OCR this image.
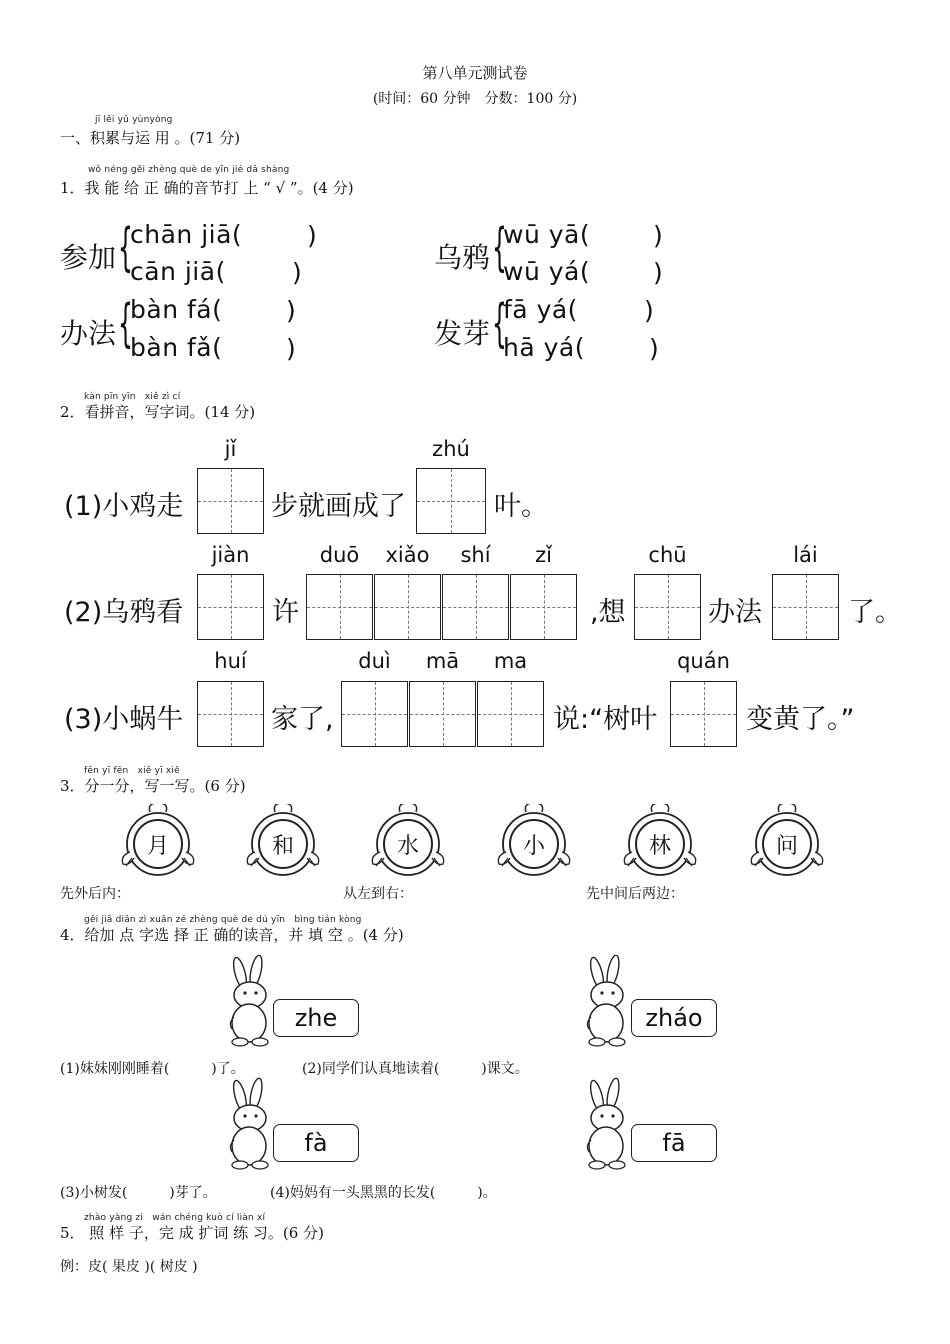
第八单元测试卷
(时间：60 分钟　分数：100 分)
jī lěi yǔ yùnyòng
一、积累与运 用 。(71 分)
wǒ néng gěi zhèng què de yīn jié dǎ shàng
1．我 能 给 正 确的音节打 上 “ √ ”。(4 分)
参加 {
chān jiā(	)
cān jiā(	)	乌鸦 {
wū yā(	)
wū yá(	)
办法 {
bàn fá(	)
bàn fǎ(	)	发芽 {
fā yá(	)
hā yá(	)
kàn pīn yīn　xiě zì cí
2．看拼音，写字词。(14 分)
jǐ	zhú
(1)小鸡走	步就画成了	叶。
jiàn	duō	xiǎo	shí	zǐ	chū	lái
(2)乌鸦看	许	,想	办法	了。
huí	duì	mā	ma	quán
(3)小蜗牛	家了,	说:“树叶	变黄了。”
fēn yī fēn　xiě yī xiě
3．分一分，写一写。(6 分)
月	和	水	小	林	问
先外后内：	从左到右：	先中间后两边：
gěi jiā diǎn zì xuǎn zé zhèng què de dú yīn　bìng tián kòng
4．给加 点 字选 择 正 确的读音，并 填 空 。(4 分)
zhe	zháo
fà	fā
(1)妹妹刚刚睡着(　　　)了。	(2)同学们认真地读着(　　　)课文。
(3)小树发(　　　)芽了。	(4)妈妈有一头黑黑的长发(　　　)。
zhào yàng zi　wán chéng kuò cí liàn xí
5． 照 样 子，完 成 扩词 练 习。(6 分)
例：皮( 果皮 )( 树皮 )
